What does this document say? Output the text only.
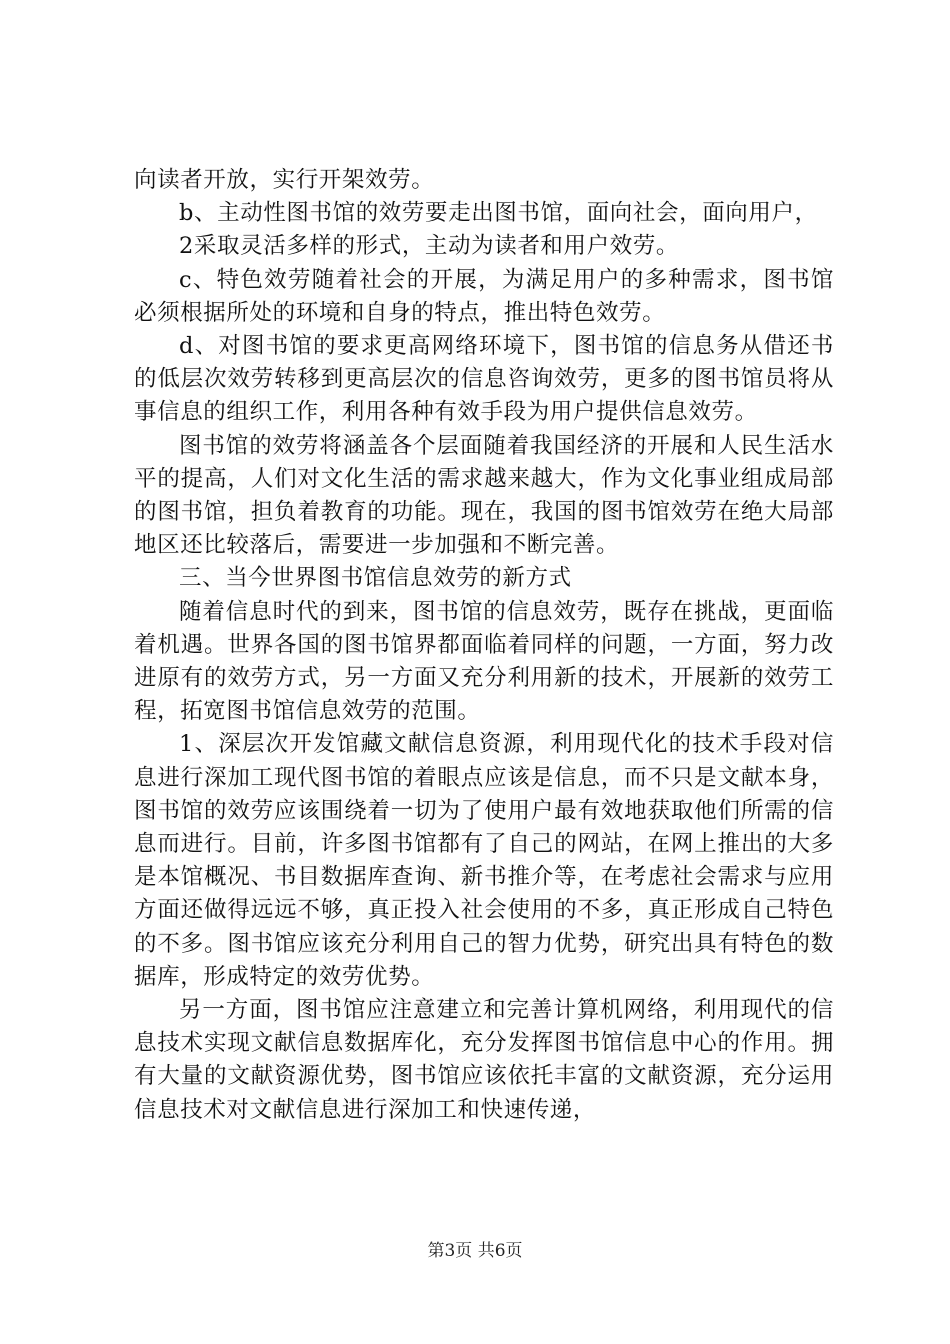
向读者开放，实行开架效劳。

b、主动性图书馆的效劳要走出图书馆，面向社会，面向用户，

2采取灵活多样的形式，主动为读者和用户效劳。

c、特色效劳随着社会的开展，为满足用户的多种需求，图书馆必须根据所处的环境和自身的特点，推出特色效劳。

d、对图书馆的要求更高网络环境下，图书馆的信息务从借还书的低层次效劳转移到更高层次的信息咨询效劳，更多的图书馆员将从事信息的组织工作，利用各种有效手段为用户提供信息效劳。

图书馆的效劳将涵盖各个层面随着我国经济的开展和人民生活水平的提高，人们对文化生活的需求越来越大，作为文化事业组成局部的图书馆，担负着教育的功能。现在，我国的图书馆效劳在绝大局部地区还比较落后，需要进一步加强和不断完善。

三、当今世界图书馆信息效劳的新方式

随着信息时代的到来，图书馆的信息效劳，既存在挑战，更面临着机遇。世界各国的图书馆界都面临着同样的问题，一方面，努力改进原有的效劳方式，另一方面又充分利用新的技术，开展新的效劳工程，拓宽图书馆信息效劳的范围。

1、深层次开发馆藏文献信息资源，利用现代化的技术手段对信息进行深加工现代图书馆的着眼点应该是信息，而不只是文献本身，图书馆的效劳应该围绕着一切为了使用户最有效地获取他们所需的信息而进行。目前，许多图书馆都有了自己的网站，在网上推出的大多是本馆概况、书目数据库查询、新书推介等，在考虑社会需求与应用方面还做得远远不够，真正投入社会使用的不多，真正形成自己特色的不多。图书馆应该充分利用自己的智力优势，研究出具有特色的数据库，形成特定的效劳优势。

另一方面，图书馆应注意建立和完善计算机网络，利用现代的信息技术实现文献信息数据库化，充分发挥图书馆信息中心的作用。拥有大量的文献资源优势，图书馆应该依托丰富的文献资源，充分运用信息技术对文献信息进行深加工和快速传递，

第3页 共6页
